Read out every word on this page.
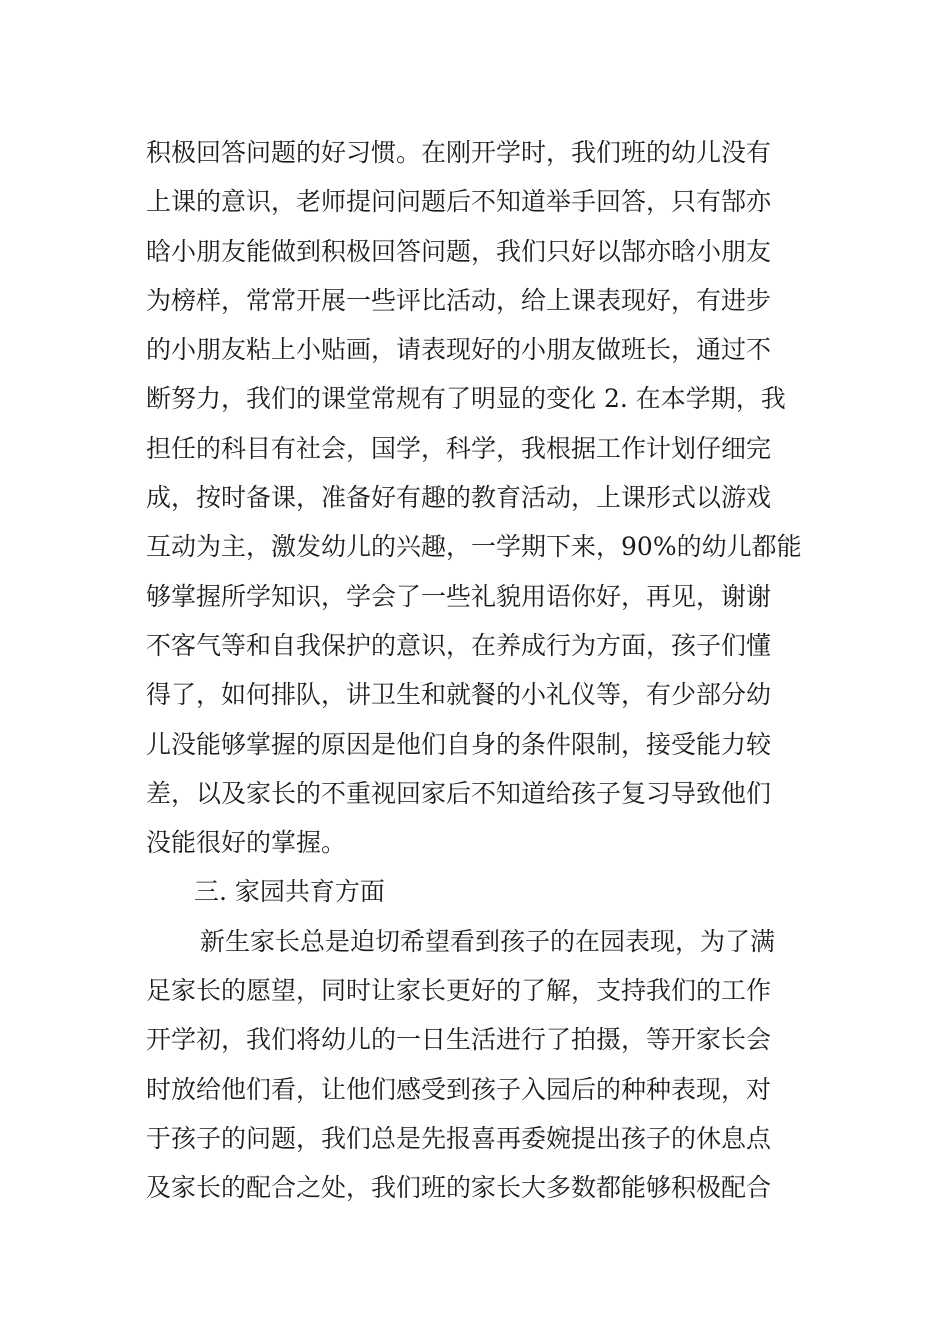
积极回答问题的好习惯。在刚开学时，我们班的幼儿没有
上课的意识，老师提问问题后不知道举手回答，只有郜亦
晗小朋友能做到积极回答问题，我们只好以郜亦晗小朋友
为榜样，常常开展一些评比活动，给上课表现好，有进步
的小朋友粘上小贴画，请表现好的小朋友做班长，通过不
断努力，我们的课堂常规有了明显的变化 2. 在本学期，我
担任的科目有社会，国学，科学，我根据工作计划仔细完
成，按时备课，准备好有趣的教育活动，上课形式以游戏
互动为主，激发幼儿的兴趣，一学期下来，90%的幼儿都能
够掌握所学知识，学会了一些礼貌用语你好，再见，谢谢
不客气等和自我保护的意识，在养成行为方面，孩子们懂
得了，如何排队，讲卫生和就餐的小礼仪等，有少部分幼
儿没能够掌握的原因是他们自身的条件限制，接受能力较
差，以及家长的不重视回家后不知道给孩子复习导致他们
没能很好的掌握。
三. 家园共育方面
新生家长总是迫切希望看到孩子的在园表现，为了满
足家长的愿望，同时让家长更好的了解，支持我们的工作
开学初，我们将幼儿的一日生活进行了拍摄，等开家长会
时放给他们看，让他们感受到孩子入园后的种种表现，对
于孩子的问题，我们总是先报喜再委婉提出孩子的休息点
及家长的配合之处，我们班的家长大多数都能够积极配合
